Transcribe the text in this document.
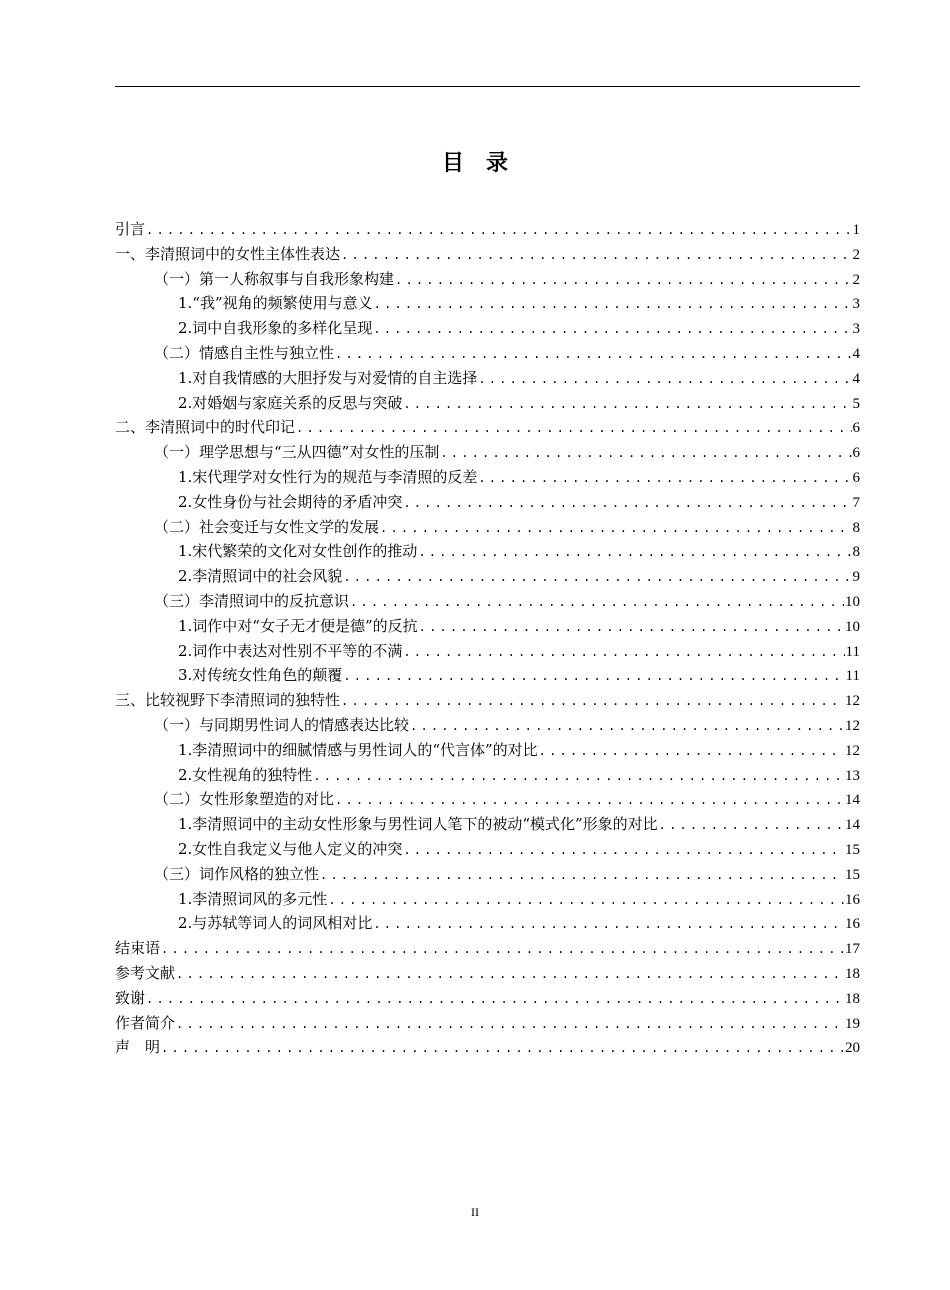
目录
引言 .....	1
一、李清照词中的女性主体性表达 .....	2
（一）第一人称叙事与自我形象构建 .....	2
1.“我”视角的频繁使用与意义 .....	3
2.词中自我形象的多样化呈现 .....	3
（二）情感自主性与独立性 .....	4
1.对自我情感的大胆抒发与对爱情的自主选择 .....	4
2.对婚姻与家庭关系的反思与突破 .....	5
二、李清照词中的时代印记 .....	6
（一）理学思想与“三从四德”对女性的压制 .....	6
1.宋代理学对女性行为的规范与李清照的反差 .....	6
2.女性身份与社会期待的矛盾冲突 .....	7
（二）社会变迁与女性文学的发展 .....	8
1.宋代繁荣的文化对女性创作的推动 .....	8
2.李清照词中的社会风貌 .....	9
（三）李清照词中的反抗意识 .....	10
1.词作中对“女子无才便是德”的反抗 .....	10
2.词作中表达对性别不平等的不满 .....	11
3.对传统女性角色的颠覆 .....	11
三、比较视野下李清照词的独特性 .....	12
（一）与同期男性词人的情感表达比较 .....	12
1.李清照词中的细腻情感与男性词人的“代言体”的对比 .....	12
2.女性视角的独特性 .....	13
（二）女性形象塑造的对比 .....	14
1.李清照词中的主动女性形象与男性词人笔下的被动“模式化”形象的对比 .....	14
2.女性自我定义与他人定义的冲突 .....	15
（三）词作风格的独立性 .....	15
1.李清照词风的多元性 .....	16
2.与苏轼等词人的词风相对比 .....	16
结束语 .....	17
参考文献 .....	18
致谢 .....	18
作者简介 .....	19
声　明 .....	20
II
